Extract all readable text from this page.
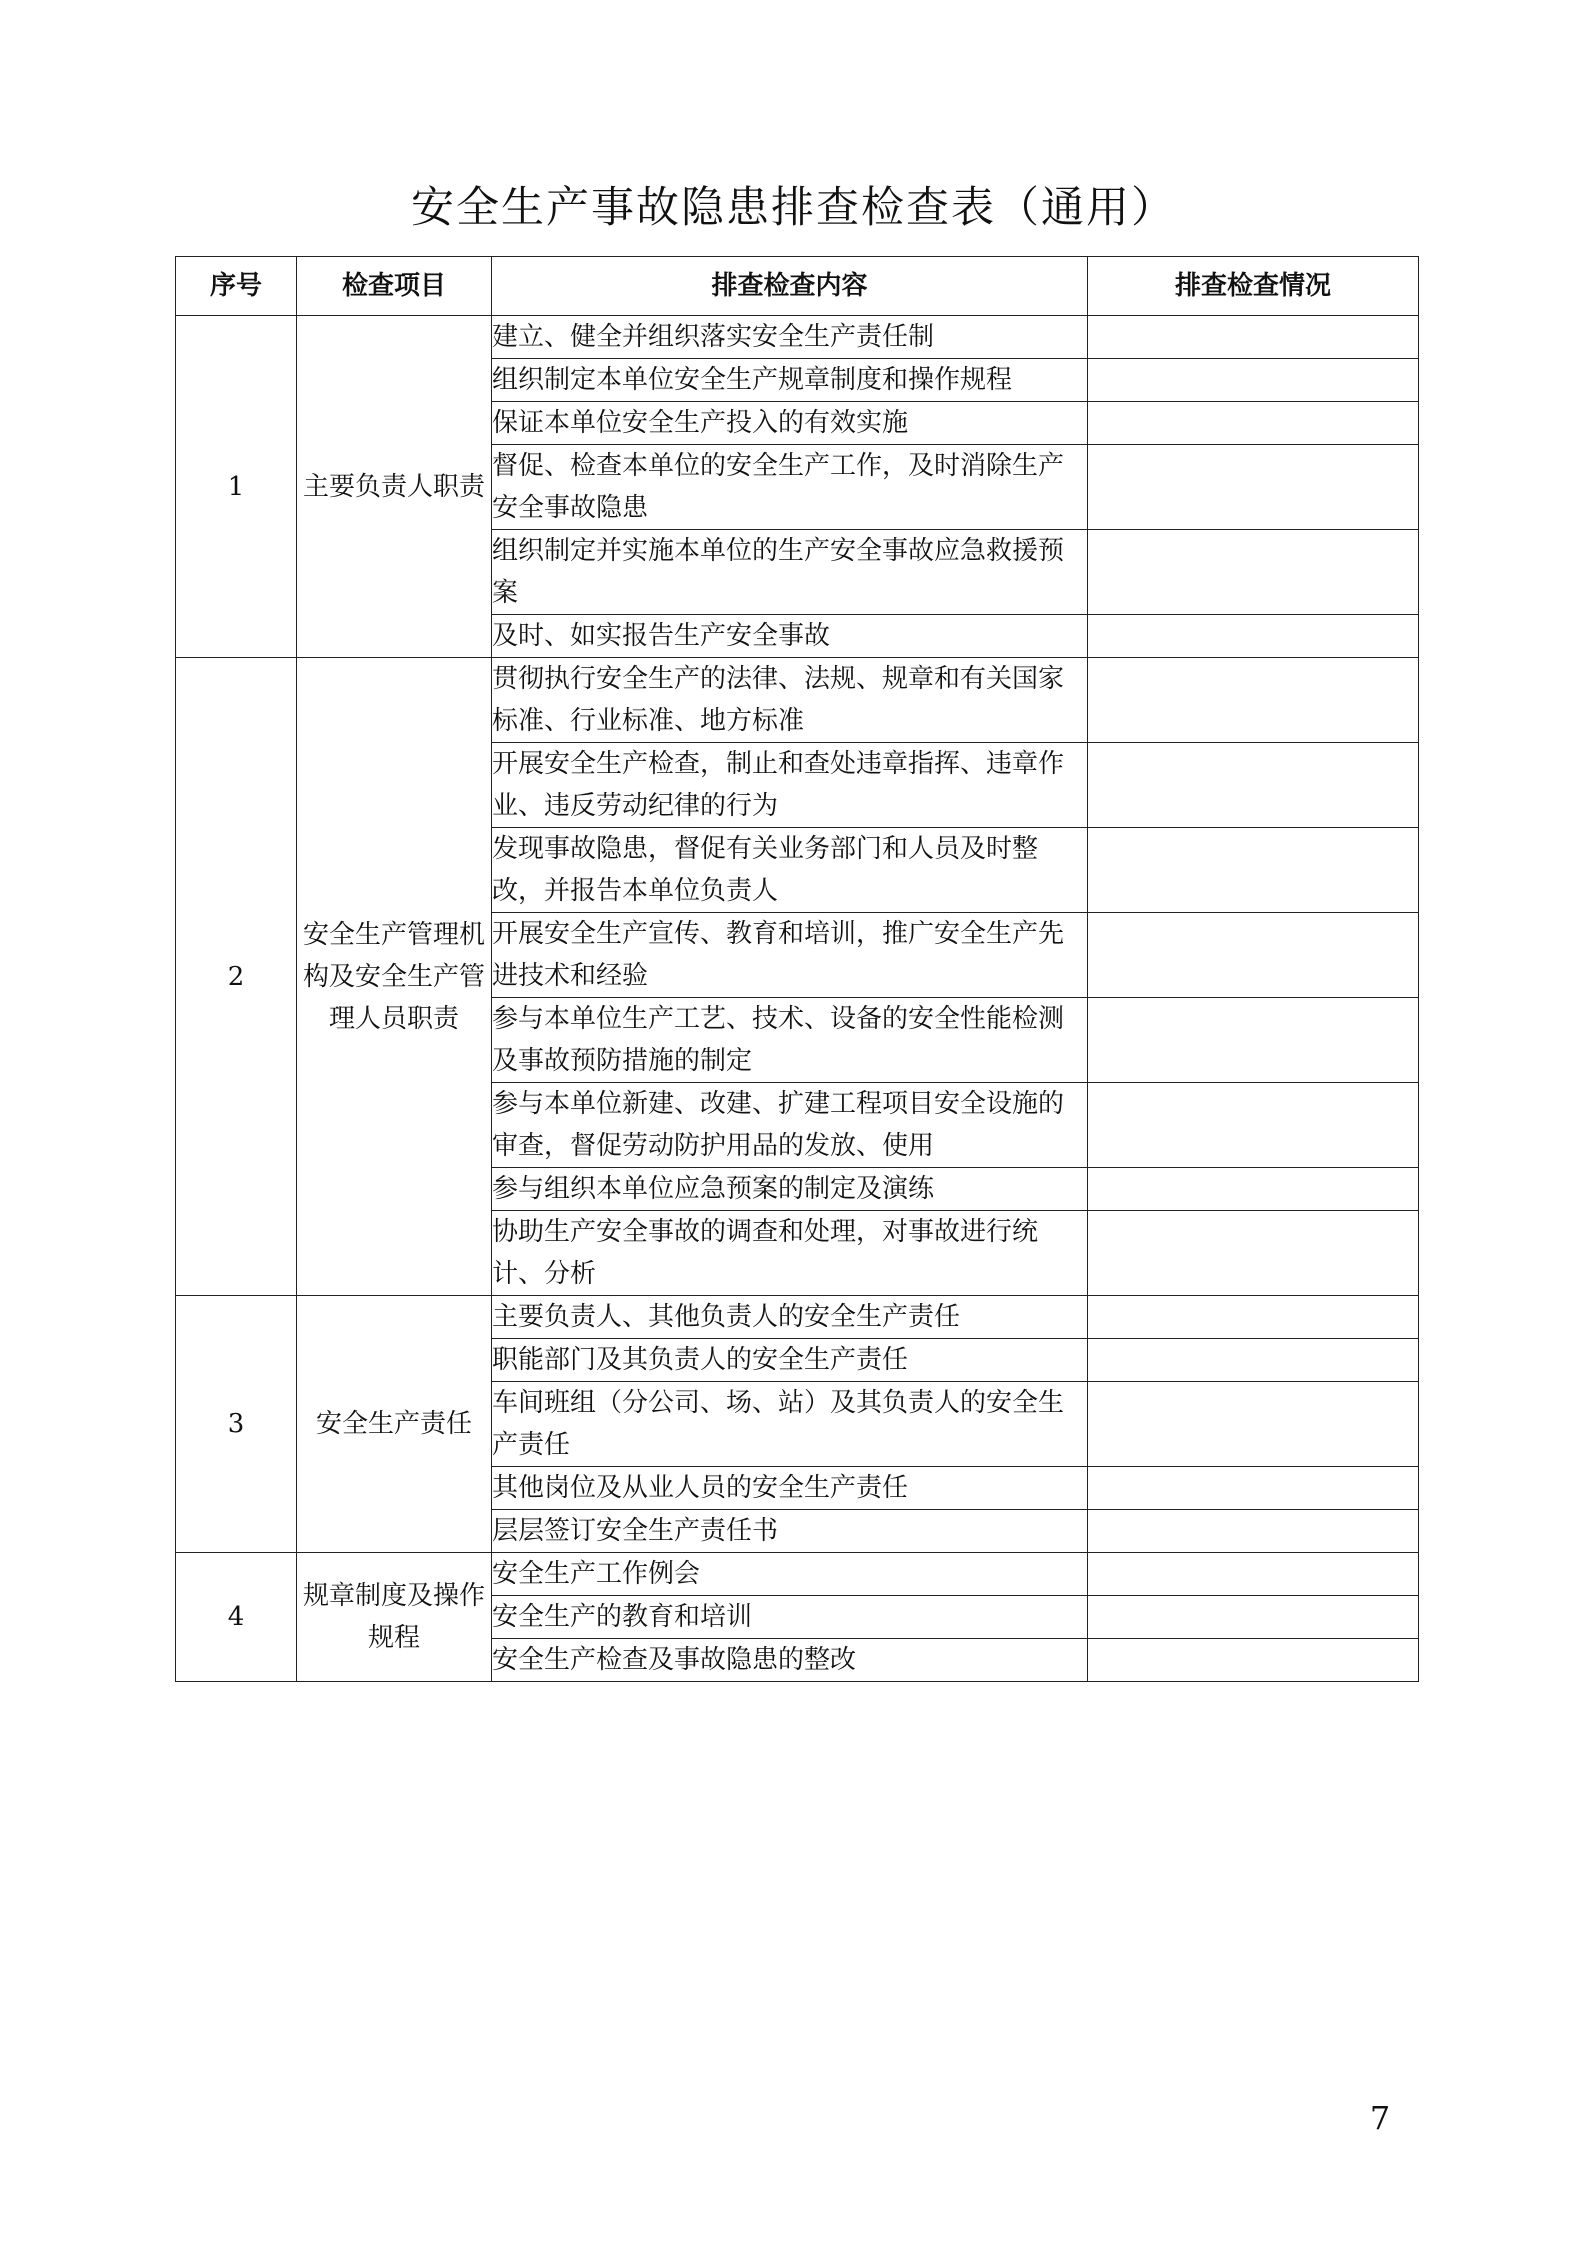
安全生产事故隐患排查检查表（通用）
序号	检查项目	排查检查内容	排查检查情况
1	主要负责人职责	建立、健全并组织落实安全生产责任制	
		组织制定本单位安全生产规章制度和操作规程	
		保证本单位安全生产投入的有效实施	
		督促、检查本单位的安全生产工作，及时消除生产安全事故隐患	
		组织制定并实施本单位的生产安全事故应急救援预案	
		及时、如实报告生产安全事故	
2	安全生产管理机构及安全生产管理人员职责	贯彻执行安全生产的法律、法规、规章和有关国家标准、行业标准、地方标准	
		开展安全生产检查，制止和查处违章指挥、违章作业、违反劳动纪律的行为	
		发现事故隐患，督促有关业务部门和人员及时整改，并报告本单位负责人	
		开展安全生产宣传、教育和培训，推广安全生产先进技术和经验	
		参与本单位生产工艺、技术、设备的安全性能检测及事故预防措施的制定	
		参与本单位新建、改建、扩建工程项目安全设施的审查，督促劳动防护用品的发放、使用	
		参与组织本单位应急预案的制定及演练	
		协助生产安全事故的调查和处理，对事故进行统计、分析	
3	安全生产责任	主要负责人、其他负责人的安全生产责任	
		职能部门及其负责人的安全生产责任	
		车间班组（分公司、场、站）及其负责人的安全生产责任	
		其他岗位及从业人员的安全生产责任	
		层层签订安全生产责任书	
4	规章制度及操作规程	安全生产工作例会	
		安全生产的教育和培训	
		安全生产检查及事故隐患的整改	
7
